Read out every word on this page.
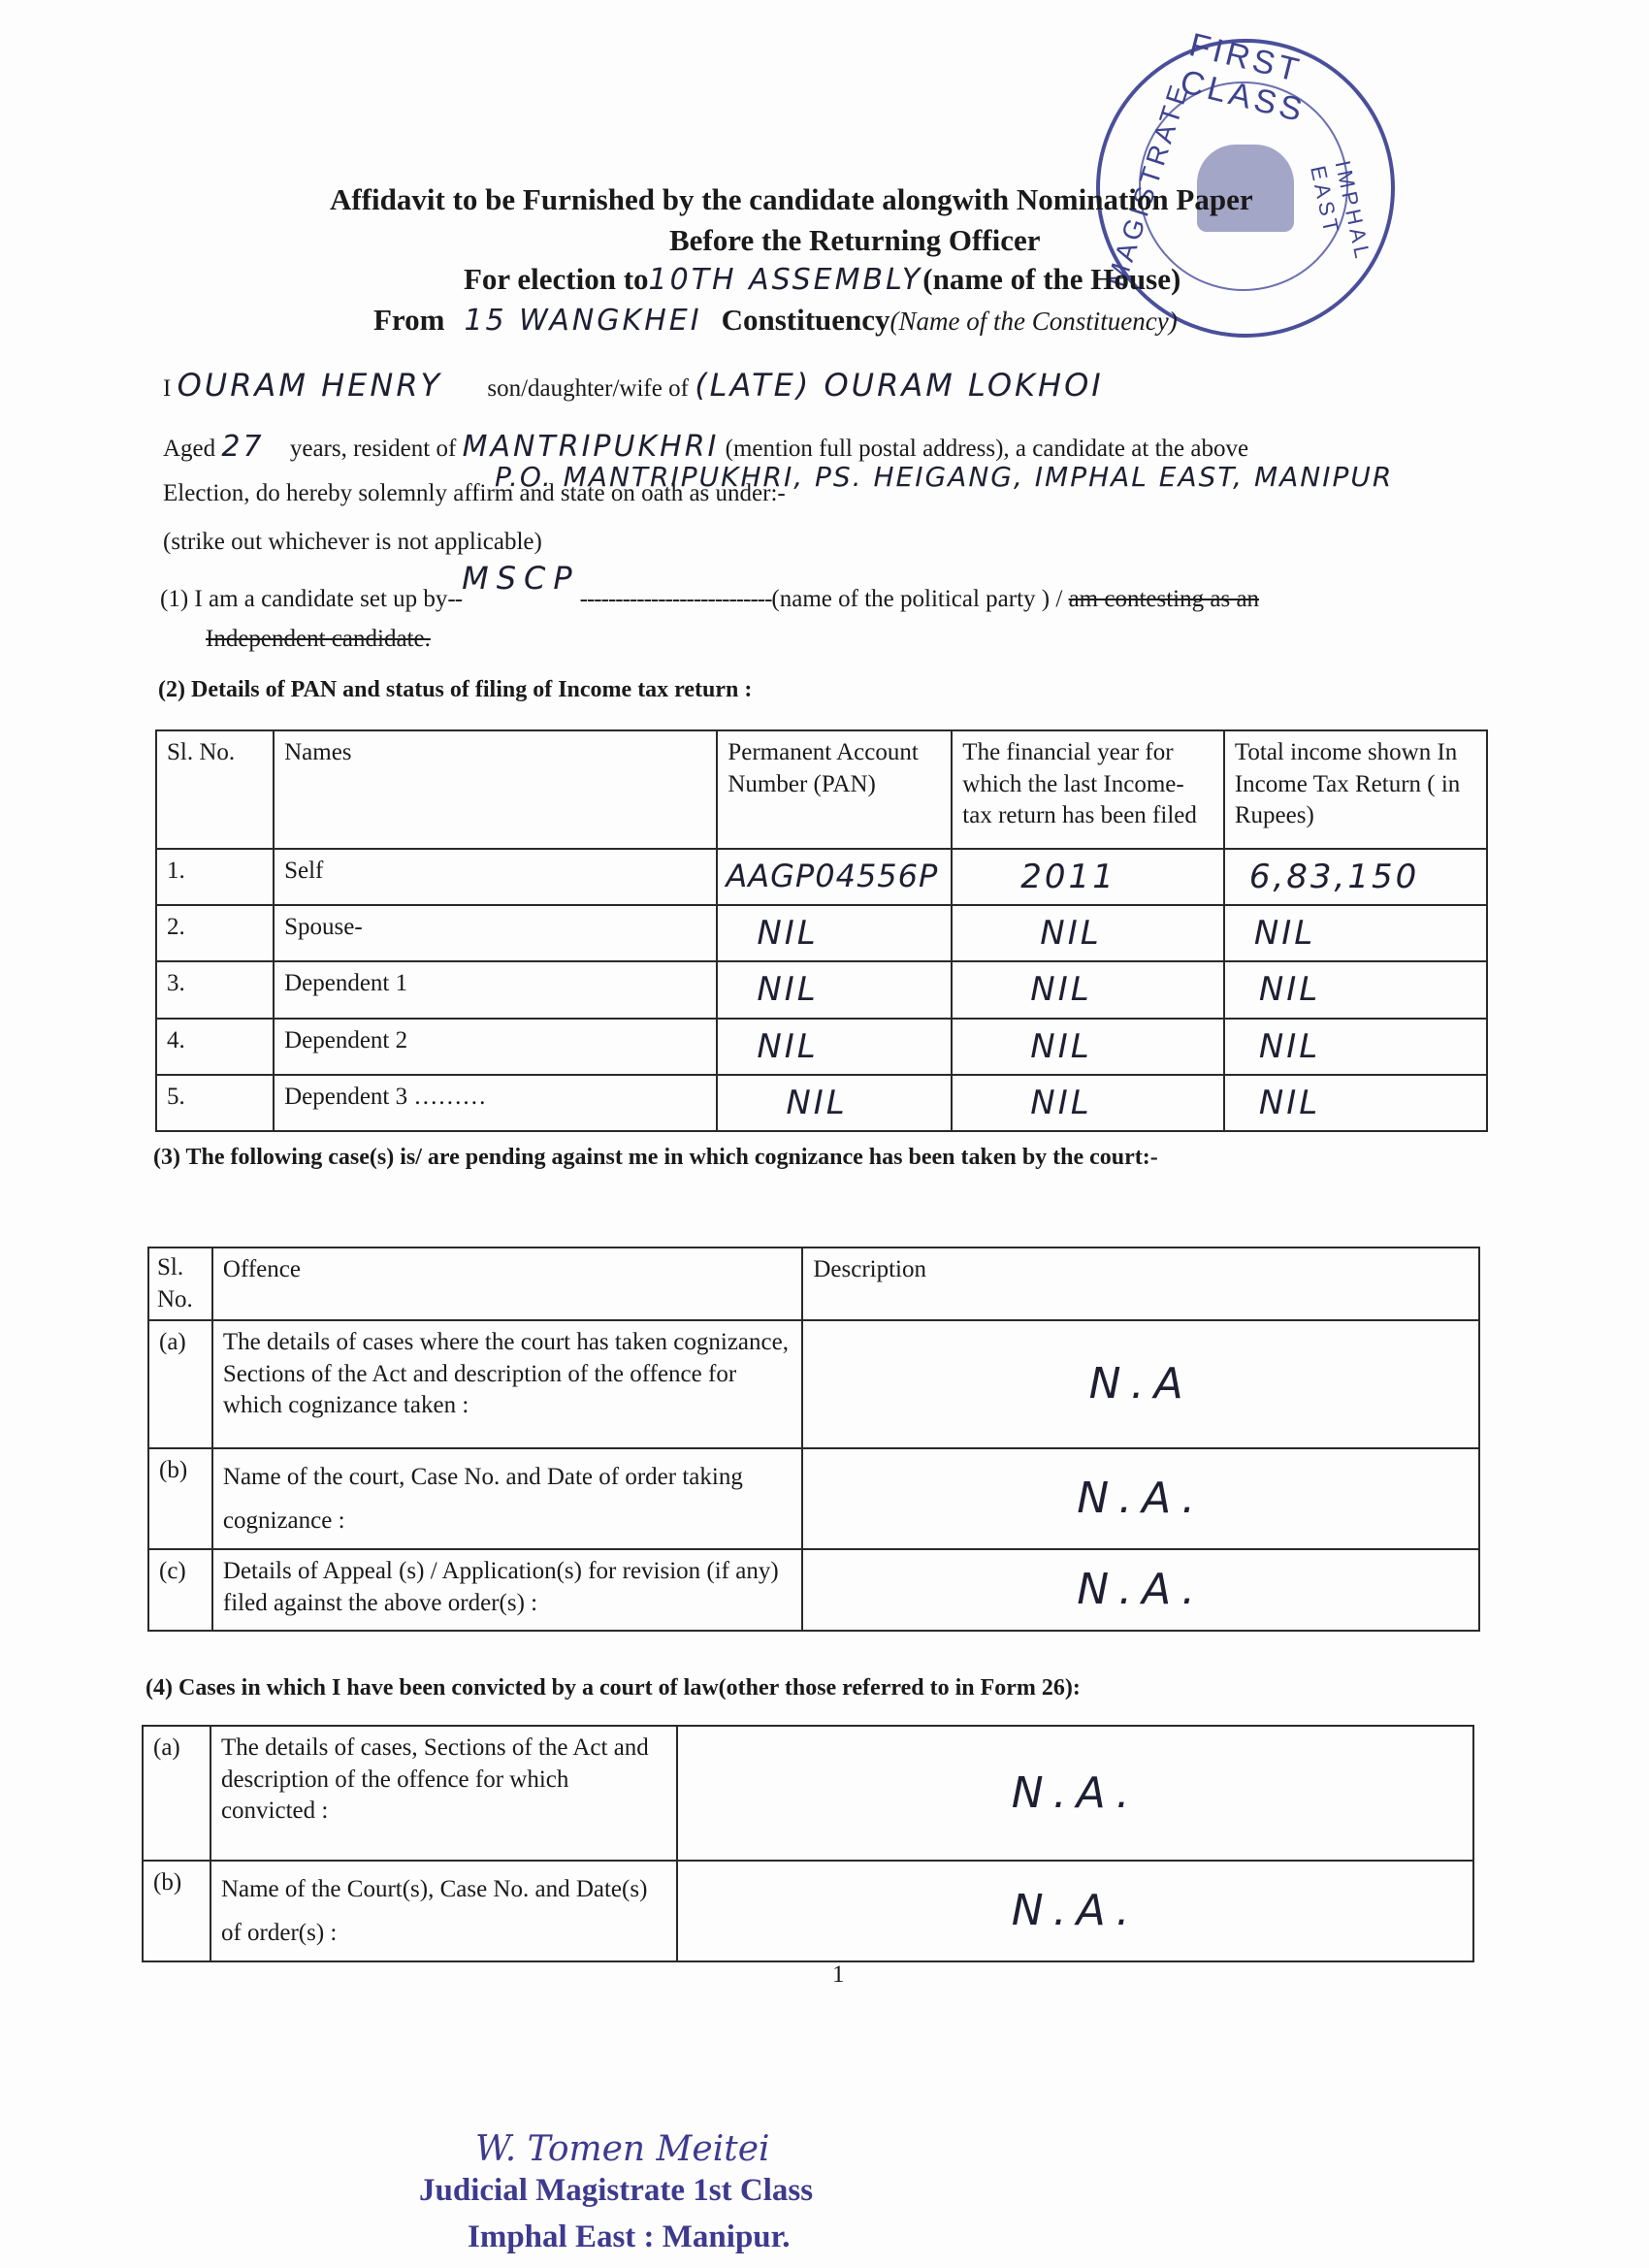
FIRST CLASS
MAGISTRATE	IMPHAL EAST
Affidavit to be Furnished by the candidate alongwith Nomination Paper
Before the Returning Officer
For election to10TH ASSEMBLY(name of the House)
From 15 WANGKHEI Constituency(Name of the Constituency)
I OURAM HENRY son/daughter/wife of (LATE) OURAM LOKHOI
Aged 27 years, resident of MANTRIPUKHRI (mention full postal address), a candidate at the above
P.O. MANTRIPUKHRI, PS. HEIGANG, IMPHAL EAST, MANIPUR
Election, do hereby solemnly affirm and state on oath as under:-
(strike out whichever is not applicable)
(1) I am a candidate set up by--MSCP---------------------------(name of the political party ) / am contesting as an
Independent candidate.
(2) Details of PAN and status of filing of Income tax return :
Sl. No.	Names	Permanent Account Number (PAN)	The financial year for which the last Income-tax return has been filed	Total income shown In Income Tax Return ( in Rupees)
1.	Self	AAGP04556P	2011	6,83,150
2.	Spouse-	NIL	NIL	NIL
3.	Dependent 1	NIL	NIL	NIL
4.	Dependent 2	NIL	NIL	NIL
5.	Dependent 3 ………	NIL	NIL	NIL
(3) The following case(s) is/ are pending against me in which cognizance has been taken by the court:-
Sl. No.	Offence	Description
(a)	The details of cases where the court has taken cognizance, Sections of the Act and description of the offence for which cognizance taken :	N.A
(b)	Name of the court, Case No. and Date of order taking cognizance :	N.A.
(c)	Details of Appeal (s) / Application(s) for revision (if any) filed against the above order(s) :	N.A.
(4) Cases in which I have been convicted by a court of law(other those referred to in Form 26):
(a)	The details of cases, Sections of the Act and description of the offence for which convicted :	N.A.
(b)	Name of the Court(s), Case No. and Date(s) of order(s) :	N.A.
1
W. Tomen Meitei
Judicial Magistrate 1st Class
Imphal East : Manipur.
